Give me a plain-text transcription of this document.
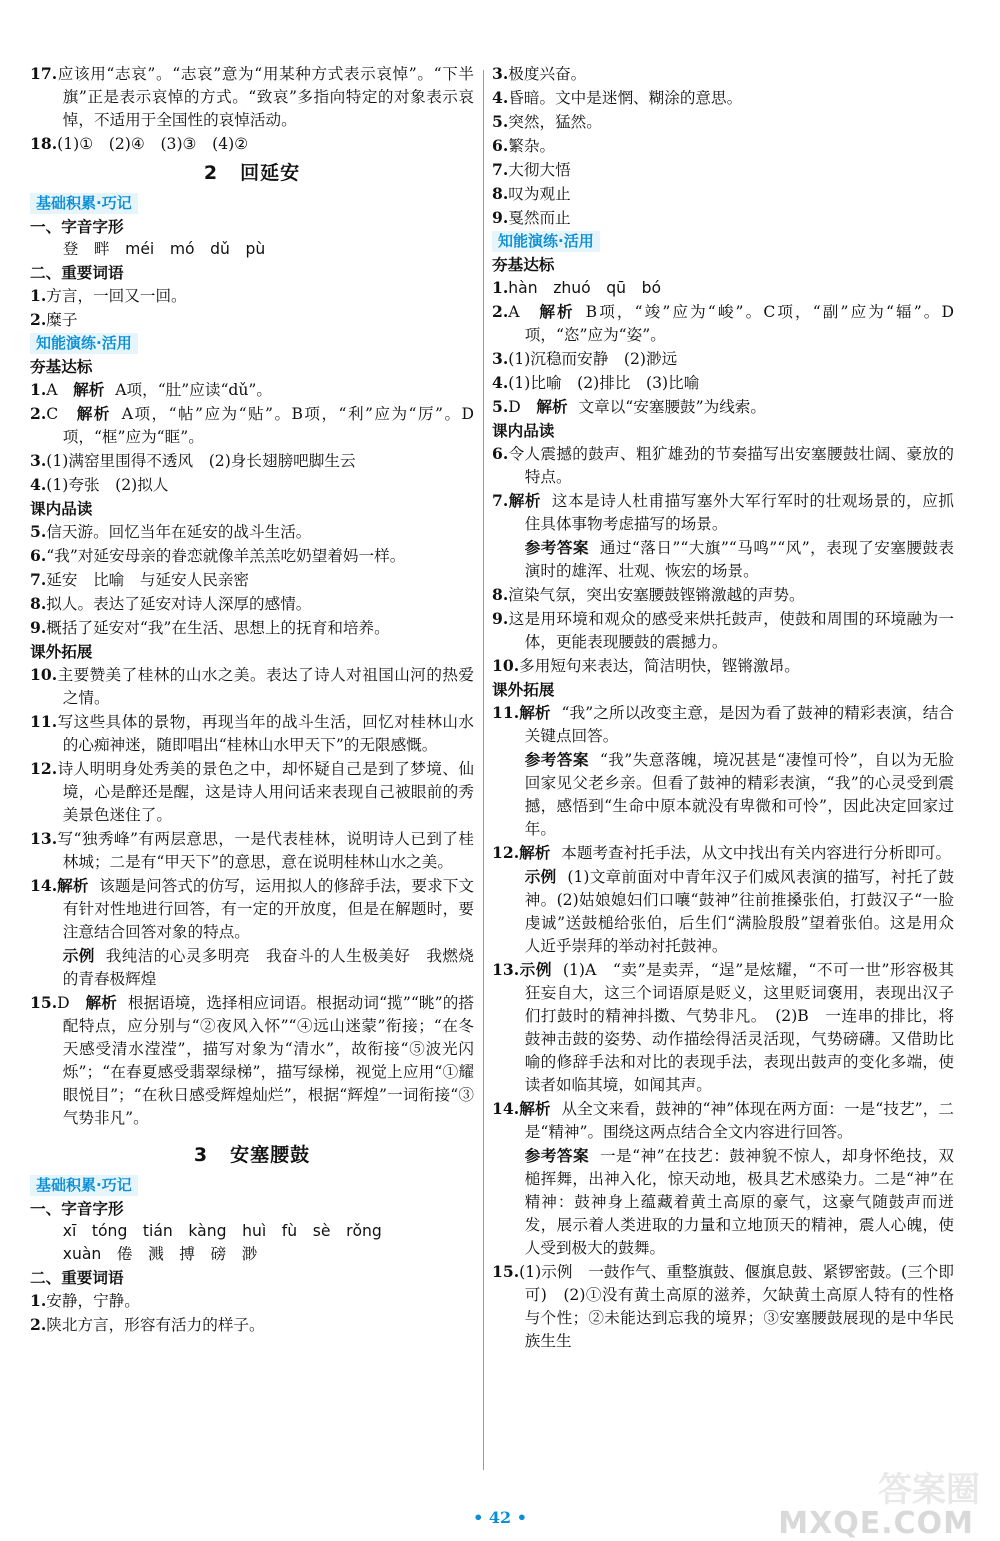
17.应该用“志哀”。“志哀”意为“用某种方式表示哀悼”。“下半旗”正是表示哀悼的方式。“致哀”多指向特定的对象表示哀悼，不适用于全国性的哀悼活动。

18.(1)①　(2)④　(3)③　(4)②

2 回延安
基础积累·巧记

一、字音字形

登　畔　méi　mó　dǔ　pù

二、重要词语

1.方言，一回又一回。

2.糜子

知能演练·活用

夯基达标

1.A　 解析 A项，“肚”应读“dǔ”。

2.C　 解析 A项，“帖”应为“贴”。B项，“利”应为“厉”。D项，“框”应为“眶”。

3.(1)满窑里围得不透风　(2)身长翅膀吧脚生云

4.(1)夸张　(2)拟人

课内品读

5.信天游。回忆当年在延安的战斗生活。

6.“我”对延安母亲的眷恋就像羊羔羔吃奶望着妈一样。

7.延安　比喻　与延安人民亲密

8.拟人。表达了延安对诗人深厚的感情。

9.概括了延安对“我”在生活、思想上的抚育和培养。

课外拓展

10.主要赞美了桂林的山水之美。表达了诗人对祖国山河的热爱之情。

11.写这些具体的景物，再现当年的战斗生活，回忆对桂林山水的心痴神迷，随即唱出“桂林山水甲天下”的无限感慨。

12.诗人明明身处秀美的景色之中，却怀疑自己是到了梦境、仙境，心是醉还是醒，这是诗人用问话来表现自己被眼前的秀美景色迷住了。

13.写“独秀峰”有两层意思，一是代表桂林，说明诗人已到了桂林城；二是有“甲天下”的意思，意在说明桂林山水之美。

14.解析 该题是问答式的仿写，运用拟人的修辞手法，要求下文有针对性地进行回答，有一定的开放度，但是在解题时，要注意结合回答对象的特点。

示例 我纯洁的心灵多明亮　我奋斗的人生极美好　我燃烧的青春极辉煌

15.D　 解析 根据语境，选择相应词语。根据动词“揽”“眺”的搭配特点，应分别与“②夜风入怀”“④远山迷蒙”衔接；“在冬天感受清水滢滢”，描写对象为“清水”，故衔接“⑤波光闪烁”；“在春夏感受翡翠绿梯”，描写绿梯，视觉上应用“①耀眼悦目”；“在秋日感受辉煌灿烂”，根据“辉煌”一词衔接“③气势非凡”。

3 安塞腰鼓
基础积累·巧记

一、字音字形

xī　tóng　tián　kàng　huì　fù　sè　rǒng

xuàn　倦　溅　搏　磅　渺

二、重要词语

1.安静，宁静。

2.陕北方言，形容有活力的样子。

3.极度兴奋。

4.昏暗。文中是迷惘、糊涂的意思。

5.突然，猛然。

6.繁杂。

7.大彻大悟

8.叹为观止

9.戛然而止

知能演练·活用

夯基达标

1.hàn　zhuó　qū　bó

2.A　 解析 B项，“竣”应为“峻”。C项，“副”应为“辐”。D项，“恣”应为“姿”。

3.(1)沉稳而安静　(2)渺远

4.(1)比喻　(2)排比　(3)比喻

5.D　 解析 文章以“安塞腰鼓”为线索。

课内品读

6.令人震撼的鼓声、粗犷雄劲的节奏描写出安塞腰鼓壮阔、豪放的特点。

7.解析 这本是诗人杜甫描写塞外大军行军时的壮观场景的，应抓住具体事物考虑描写的场景。

参考答案 通过“落日”“大旗”“马鸣”“风”，表现了安塞腰鼓表演时的雄浑、壮观、恢宏的场景。

8.渲染气氛，突出安塞腰鼓铿锵激越的声势。

9.这是用环境和观众的感受来烘托鼓声，使鼓和周围的环境融为一体，更能表现腰鼓的震撼力。

10.多用短句来表达，简洁明快，铿锵激昂。

课外拓展

11.解析 “我”之所以改变主意，是因为看了鼓神的精彩表演，结合关键点回答。

参考答案 “我”失意落魄，境况甚是“凄惶可怜”，自以为无脸回家见父老乡亲。但看了鼓神的精彩表演，“我”的心灵受到震撼，感悟到“生命中原本就没有卑微和可怜”，因此决定回家过年。

12.解析 本题考查衬托手法，从文中找出有关内容进行分析即可。

示例 (1)文章前面对中青年汉子们威风表演的描写，衬托了鼓神。(2)姑娘媳妇们口嚷“鼓神”往前推搡张伯，打鼓汉子“一脸虔诚”送鼓槌给张伯，后生们“满脸殷殷”望着张伯。这是用众人近乎崇拜的举动衬托鼓神。

13.示例 (1)A　“卖”是卖弄，“逞”是炫耀，“不可一世”形容极其狂妄自大，这三个词语原是贬义，这里贬词褒用，表现出汉子们打鼓时的精神抖擞、气势非凡。　(2)B　一连串的排比，将鼓神击鼓的姿势、动作描绘得活灵活现，气势磅礴。又借助比喻的修辞手法和对比的表现手法，表现出鼓声的变化多端，使读者如临其境，如闻其声。

14.解析 从全文来看，鼓神的“神”体现在两方面：一是“技艺”，二是“精神”。围绕这两点结合全文内容进行回答。

参考答案 一是“神”在技艺：鼓神貌不惊人，却身怀绝技，双槌挥舞，出神入化，惊天动地，极具艺术感染力。二是“神”在精神：鼓神身上蕴藏着黄土高原的豪气，这豪气随鼓声而迸发，展示着人类进取的力量和立地顶天的精神，震人心魄，使人受到极大的鼓舞。

15.(1)示例　一鼓作气、重整旗鼓、偃旗息鼓、紧锣密鼓。(三个即可)　(2)①没有黄土高原的滋养，欠缺黄土高原人特有的性格与个性；②未能达到忘我的境界；③安塞腰鼓展现的是中华民族生生

• 42 •
答案圈
MXQE.COM
